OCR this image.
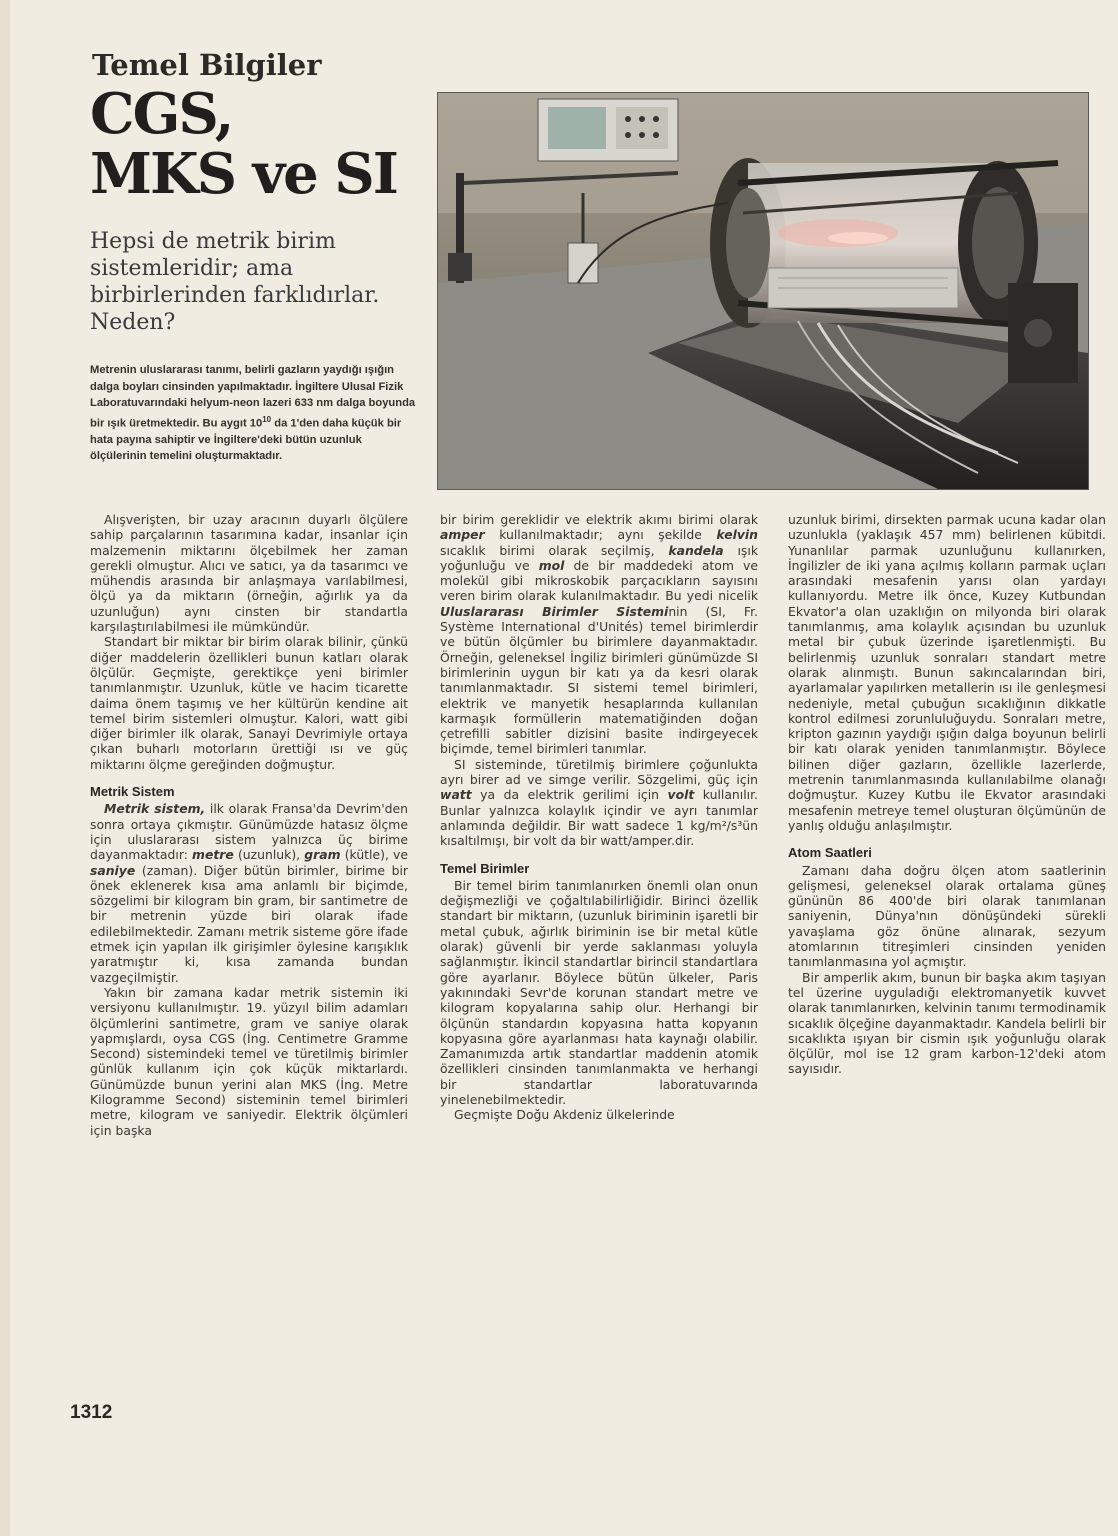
Temel Bilgiler
CGS,
MKS ve SI
Hepsi de metrik birim sistemleridir; ama birbirlerinden farklıdırlar. Neden?
Metrenin uluslararası tanımı, belirli gazların yaydığı ışığın dalga boyları cinsinden yapılmaktadır. İngiltere Ulusal Fizik Laboratuvarındaki helyum-neon lazeri 633 nm dalga boyunda bir ışık üretmektedir. Bu aygıt $10^{10}$ da 1'den daha küçük bir hata payına sahiptir ve İngiltere'deki bütün uzunluk ölçülerinin temelini oluşturmaktadır.

Alışverişten, bir uzay aracının duyarlı ölçülere sahip parçalarının tasarımına kadar, insanlar için malzemenin miktarını ölçebilmek her zaman gerekli olmuştur. Alıcı ve satıcı, ya da tasarımcı ve mühendis arasında bir anlaşmaya varılabilmesi, ölçü ya da miktarın (örneğin, ağırlık ya da uzunluğun) aynı cinsten bir standartla karşılaştırılabilmesi ile mümkündür.

Standart bir miktar bir birim olarak bilinir, çünkü diğer maddelerin özellikleri bunun katları olarak ölçülür. Geçmişte, gerektikçe yeni birimler tanımlanmıştır. Uzunluk, kütle ve hacim ticarette daima önem taşımış ve her kültürün kendine ait temel birim sistemleri olmuştur. Kalori, watt gibi diğer birimler ilk olarak, Sanayi Devrimiyle ortaya çıkan buharlı motorların ürettiği ısı ve güç miktarını ölçme gereğinden doğmuştur.

Metrik Sistem

Metrik sistem, ilk olarak Fransa'da Devrim'den sonra ortaya çıkmıştır. Günümüzde hatasız ölçme için uluslararası sistem yalnızca üç birime dayanmaktadır: metre (uzunluk), gram (kütle), ve saniye (zaman). Diğer bütün birimler, birime bir önek eklenerek kısa ama anlamlı bir biçimde, sözgelimi bir kilogram bin gram, bir santimetre de bir metrenin yüzde biri olarak ifade edilebilmektedir. Zamanı metrik sisteme göre ifade etmek için yapılan ilk girişimler öylesine karışıklık yaratmıştır ki, kısa zamanda bundan vazgeçilmiştir.

Yakın bir zamana kadar metrik sistemin iki versiyonu kullanılmıştır. 19. yüzyıl bilim adamları ölçümlerini santimetre, gram ve saniye olarak yapmışlardı, oysa CGS (İng. Centimetre Gramme Second) sistemindeki temel ve türetilmiş birimler günlük kullanım için çok küçük miktarlardı. Günümüzde bunun yerini alan MKS (İng. Metre Kilogramme Second) sisteminin temel birimleri metre, kilogram ve saniyedir. Elektrik ölçümleri için başka

bir birim gereklidir ve elektrik akımı birimi olarak amper kullanılmaktadır; aynı şekilde kelvin sıcaklık birimi olarak seçilmiş, kandela ışık yoğunluğu ve mol de bir maddedeki atom ve molekül gibi mikroskobik parçacıkların sayısını veren birim olarak kulanılmaktadır. Bu yedi nicelik Uluslararası Birimler Sisteminin (SI, Fr. Système International d'Unités) temel birimlerdir ve bütün ölçümler bu birimlere dayanmaktadır. Örneğin, geleneksel İngiliz birimleri günümüzde SI birimlerinin uygun bir katı ya da kesri olarak tanımlanmaktadır. SI sistemi temel birimleri, elektrik ve manyetik hesaplarında kullanılan karmaşık formüllerin matematiğinden doğan çetrefilli sabitler dizisini basite indirgeyecek biçimde, temel birimleri tanımlar.

SI sisteminde, türetilmiş birimlere çoğunlukta ayrı birer ad ve simge verilir. Sözgelimi, güç için watt ya da elektrik gerilimi için volt kullanılır. Bunlar yalnızca kolaylık içindir ve ayrı tanımlar anlamında değildir. Bir watt sadece 1 kg/m²/s³ün kısaltılmışı, bir volt da bir watt/amper.dir.

Temel Birimler

Bir temel birim tanımlanırken önemli olan onun değişmezliği ve çoğaltılabilirliğidir. Birinci özellik standart bir miktarın, (uzunluk biriminin işaretli bir metal çubuk, ağırlık biriminin ise bir metal kütle olarak) güvenli bir yerde saklanması yoluyla sağlanmıştır. İkincil standartlar birincil standartlara göre ayarlanır. Böylece bütün ülkeler, Paris yakınındaki Sevr'de korunan standart metre ve kilogram kopyalarına sahip olur. Herhangi bir ölçünün standardın kopyasına hatta kopyanın kopyasına göre ayarlanması hata kaynağı olabilir. Zamanımızda artık standartlar maddenin atomik özellikleri cinsinden tanımlanmakta ve herhangi bir standartlar laboratuvarında yinelenebilmektedir.

Geçmişte Doğu Akdeniz ülkelerinde

uzunluk birimi, dirsekten parmak ucuna kadar olan uzunlukla (yaklaşık 457 mm) belirlenen kübitdi. Yunanlılar parmak uzunluğunu kullanırken, İngilizler de iki yana açılmış kolların parmak uçları arasındaki mesafenin yarısı olan yardayı kullanıyordu. Metre ilk önce, Kuzey Kutbundan Ekvator'a olan uzaklığın on milyonda biri olarak tanımlanmış, ama kolaylık açısından bu uzunluk metal bir çubuk üzerinde işaretlenmişti. Bu belirlenmiş uzunluk sonraları standart metre olarak alınmıştı. Bunun sakıncalarından biri, ayarlamalar yapılırken metallerin ısı ile genleşmesi nedeniyle, metal çubuğun sıcaklığının dikkatle kontrol edilmesi zorunluluğuydu. Sonraları metre, kripton gazının yaydığı ışığın dalga boyunun belirli bir katı olarak yeniden tanımlanmıştır. Böylece bilinen diğer gazların, özellikle lazerlerde, metrenin tanımlanmasında kullanılabilme olanağı doğmuştur. Kuzey Kutbu ile Ekvator arasındaki mesafenin metreye temel oluşturan ölçümünün de yanlış olduğu anlaşılmıştır.

Atom Saatleri

Zamanı daha doğru ölçen atom saatlerinin gelişmesi, geleneksel olarak ortalama güneş gününün 86 400'de biri olarak tanımlanan saniyenin, Dünya'nın dönüşündeki sürekli yavaşlama göz önüne alınarak, sezyum atomlarının titreşimleri cinsinden yeniden tanımlanmasına yol açmıştır.

Bir amperlik akım, bunun bir başka akım taşıyan tel üzerine uyguladığı elektromanyetik kuvvet olarak tanımlanırken, kelvinin tanımı termodinamik sıcaklık ölçeğine dayanmaktadır. Kandela belirli bir sıcaklıkta ışıyan bir cismin ışık yoğunluğu olarak ölçülür, mol ise 12 gram karbon-12'deki atom sayısıdır.

1312
